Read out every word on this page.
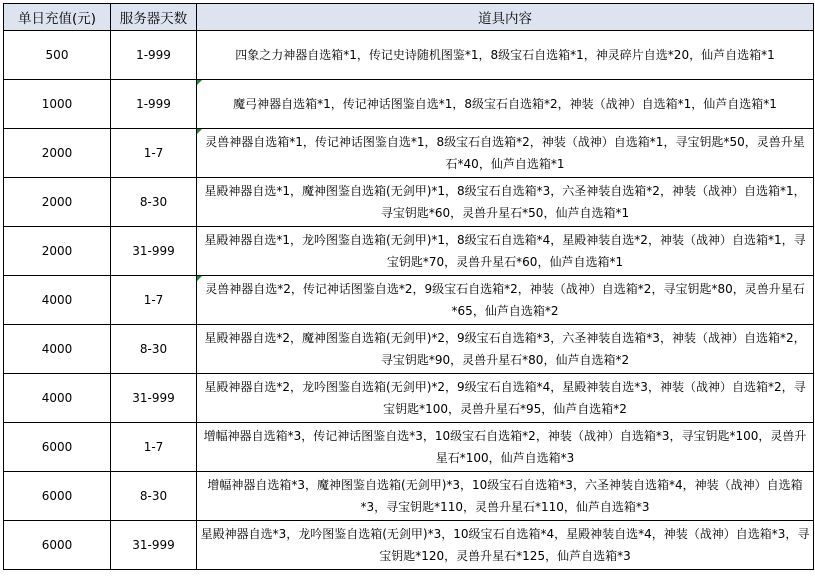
单日充值(元)	服务器天数	道具内容
500	1-999	四象之力神器自选箱*1，传记史诗随机图鉴*1，8级宝石自选箱*1，神灵碎片自选*20，仙芦自选箱*1
1000	1-999	魔弓神器自选箱*1，传记神话图鉴自选*1，8级宝石自选箱*2，神装（战神）自选箱*1，仙芦自选箱*1
2000	1-7	灵兽神器自选箱*1，传记神话图鉴自选*1，8级宝石自选箱*2，神装（战神）自选箱*1，寻宝钥匙*50，灵兽升星石*40，仙芦自选箱*1
2000	8-30	星殿神器自选*1，魔神图鉴自选箱(无剑甲)*1，8级宝石自选箱*3，六圣神装自选箱*2，神装（战神）自选箱*1，寻宝钥匙*60，灵兽升星石*50，仙芦自选箱*1
2000	31-999	星殿神器自选*1，龙吟图鉴自选箱(无剑甲)*1，8级宝石自选箱*4，星殿神装自选*2，神装（战神）自选箱*1，寻宝钥匙*70，灵兽升星石*60，仙芦自选箱*1
4000	1-7	灵兽神器自选*2，传记神话图鉴自选*2，9级宝石自选箱*2，神装（战神）自选箱*2，寻宝钥匙*80，灵兽升星石*65，仙芦自选箱*2
4000	8-30	星殿神器自选*2，魔神图鉴自选箱(无剑甲)*2，9级宝石自选箱*3，六圣神装自选箱*3，神装（战神）自选箱*2，寻宝钥匙*90，灵兽升星石*80，仙芦自选箱*2
4000	31-999	星殿神器自选*2，龙吟图鉴自选箱(无剑甲)*2，9级宝石自选箱*4，星殿神装自选*3，神装（战神）自选箱*2，寻宝钥匙*100，灵兽升星石*95，仙芦自选箱*2
6000	1-7	增幅神器自选箱*3，传记神话图鉴自选*3，10级宝石自选箱*2，神装（战神）自选箱*3，寻宝钥匙*100，灵兽升星石*100，仙芦自选箱*3
6000	8-30	增幅神器自选箱*3，魔神图鉴自选箱(无剑甲)*3，10级宝石自选箱*3，六圣神装自选箱*4，神装（战神）自选箱*3，寻宝钥匙*110，灵兽升星石*110，仙芦自选箱*3
6000	31-999	星殿神器自选*3，龙吟图鉴自选箱(无剑甲)*3，10级宝石自选箱*4，星殿神装自选*4，神装（战神）自选箱*3，寻宝钥匙*120，灵兽升星石*125，仙芦自选箱*3
